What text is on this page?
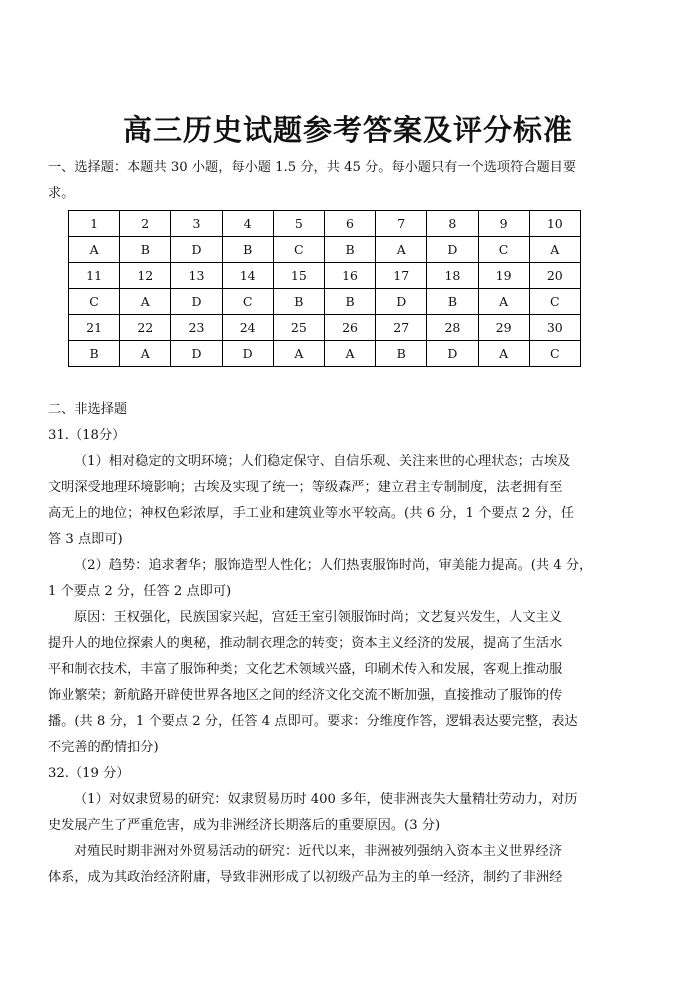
高三历史试题参考答案及评分标准
一、选择题：本题共 30 小题，每小题 1.5 分，共 45 分。每小题只有一个选项符合题目要
求。
1	2	3	4	5	6	7	8	9	10
A	B	D	B	C	B	A	D	C	A
11	12	13	14	15	16	17	18	19	20
C	A	D	C	B	B	D	B	A	C
21	22	23	24	25	26	27	28	29	30
B	A	D	D	A	A	B	D	A	C
二、非选择题
31.（18分）
（1）相对稳定的文明环境；人们稳定保守、自信乐观、关注来世的心理状态；古埃及
文明深受地理环境影响；古埃及实现了统一；等级森严；建立君主专制制度，法老拥有至
高无上的地位；神权色彩浓厚，手工业和建筑业等水平较高。(共 6 分，1 个要点 2 分，任
答 3 点即可)
（2）趋势：追求奢华；服饰造型人性化；人们热衷服饰时尚，审美能力提高。(共 4 分，
1 个要点 2 分，任答 2 点即可)
原因：王权强化，民族国家兴起，宫廷王室引领服饰时尚；文艺复兴发生，人文主义
提升人的地位探索人的奥秘，推动制衣理念的转变；资本主义经济的发展，提高了生活水
平和制衣技术，丰富了服饰种类；文化艺术领域兴盛，印刷术传入和发展，客观上推动服
饰业繁荣；新航路开辟使世界各地区之间的经济文化交流不断加强，直接推动了服饰的传
播。(共 8 分，1 个要点 2 分，任答 4 点即可。要求：分维度作答，逻辑表达要完整，表达
不完善的酌情扣分)
32.（19 分）
（1）对奴隶贸易的研究：奴隶贸易历时 400 多年，使非洲丧失大量精壮劳动力，对历
史发展产生了严重危害，成为非洲经济长期落后的重要原因。(3 分)
对殖民时期非洲对外贸易活动的研究：近代以来，非洲被列强纳入资本主义世界经济
体系，成为其政治经济附庸，导致非洲形成了以初级产品为主的单一经济，制约了非洲经
